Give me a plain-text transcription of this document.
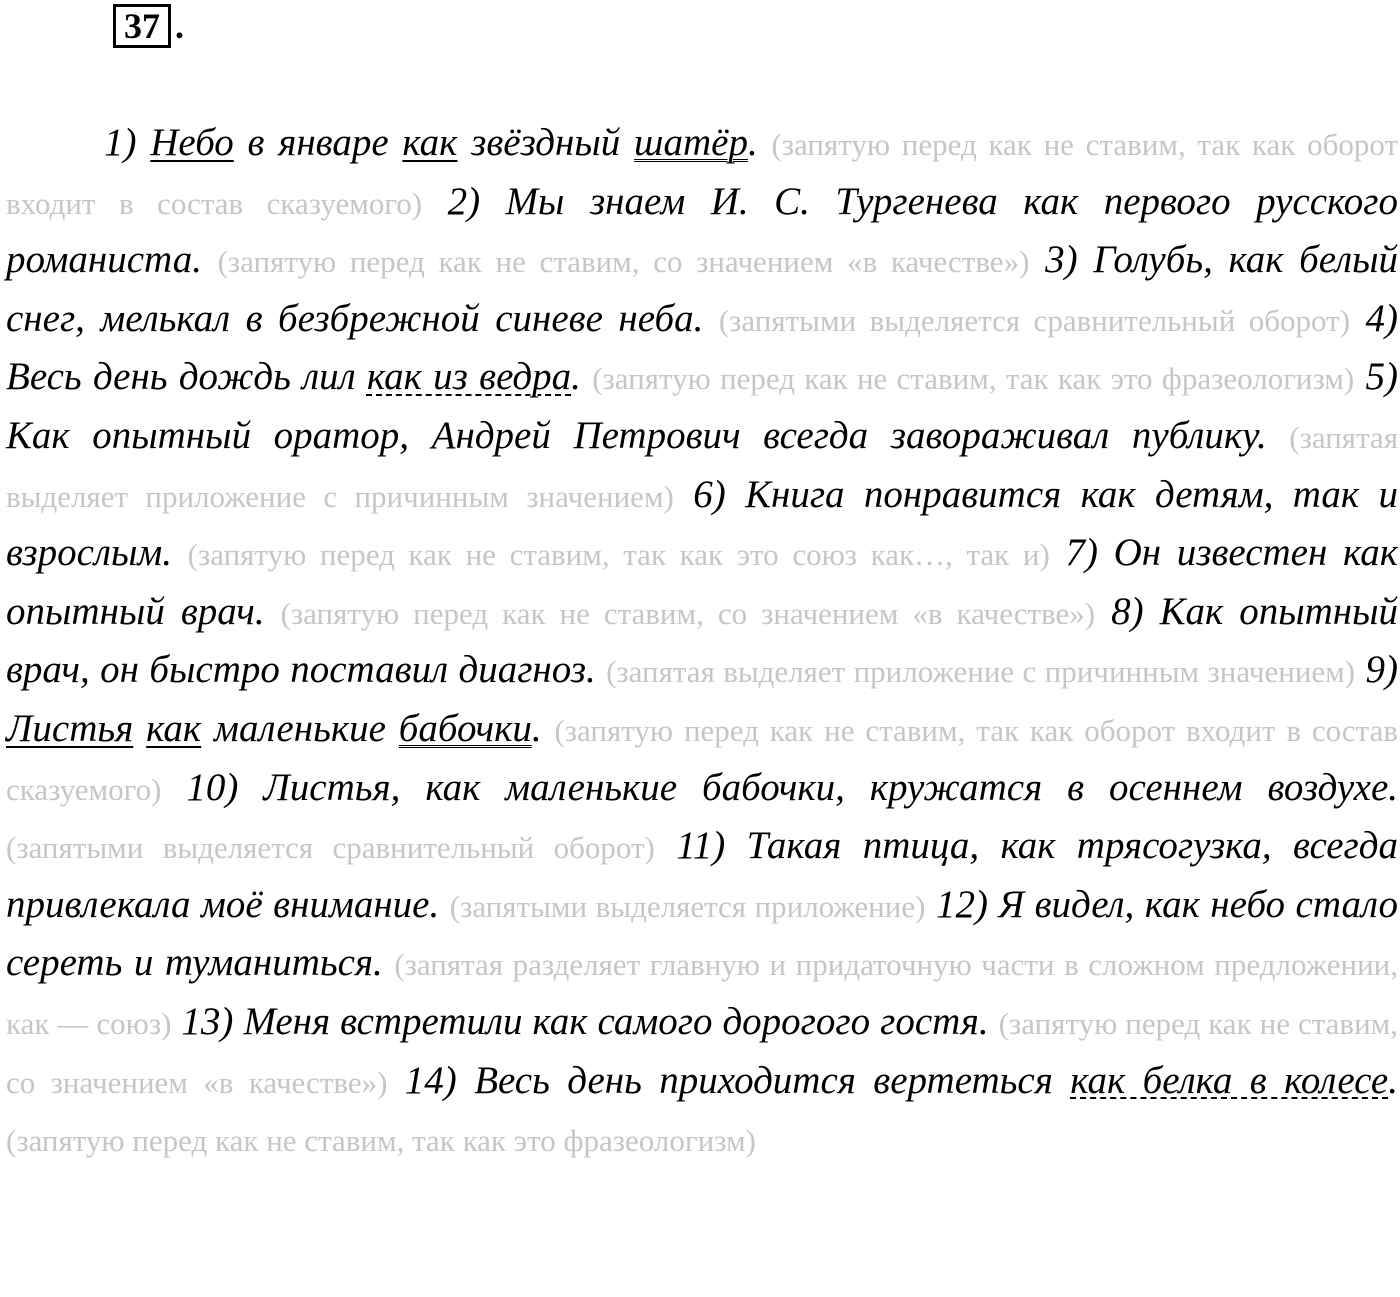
37 .

1) Небо в январе как звёздный шатёр. (запятую перед как не ставим, так как оборот входит в состав сказуемого) 2) Мы знаем И. С. Тургенева как первого русского романиста. (запятую перед как не ставим, со значением «в качестве») 3) Голубь, как белый снег, мелькал в безбрежной синеве неба. (запятыми выделяется сравнительный оборот) 4) Весь день дождь лил как из ведра. (запятую перед как не ставим, так как это фразеологизм) 5) Как опытный оратор, Андрей Петрович всегда завораживал публику. (запятая выделяет приложение с причинным значением) 6) Книга понравится как детям, так и взрослым. (запятую перед как не ставим, так как это союз как…, так и) 7) Он известен как опытный врач. (запятую перед как не ставим, со значением «в качестве») 8) Как опытный врач, он быстро поставил диагноз. (запятая выделяет приложение с причинным значением) 9) Листья как маленькие бабочки. (запятую перед как не ставим, так как оборот входит в состав сказуемого) 10) Листья, как маленькие бабочки, кружатся в осеннем воздухе. (запятыми выделяется сравнительный оборот) 11) Такая птица, как трясогузка, всегда привлекала моё внимание. (запятыми выделяется приложение) 12) Я видел, как небо стало сереть и туманиться. (запятая разделяет главную и придаточную части в сложном предложении, как — союз) 13) Меня встретили как самого дорогого гостя. (запятую перед как не ставим, со значением «в качестве») 14) Весь день приходится вертеться как белка в колесе. (запятую перед как не ставим, так как это фразеологизм)
